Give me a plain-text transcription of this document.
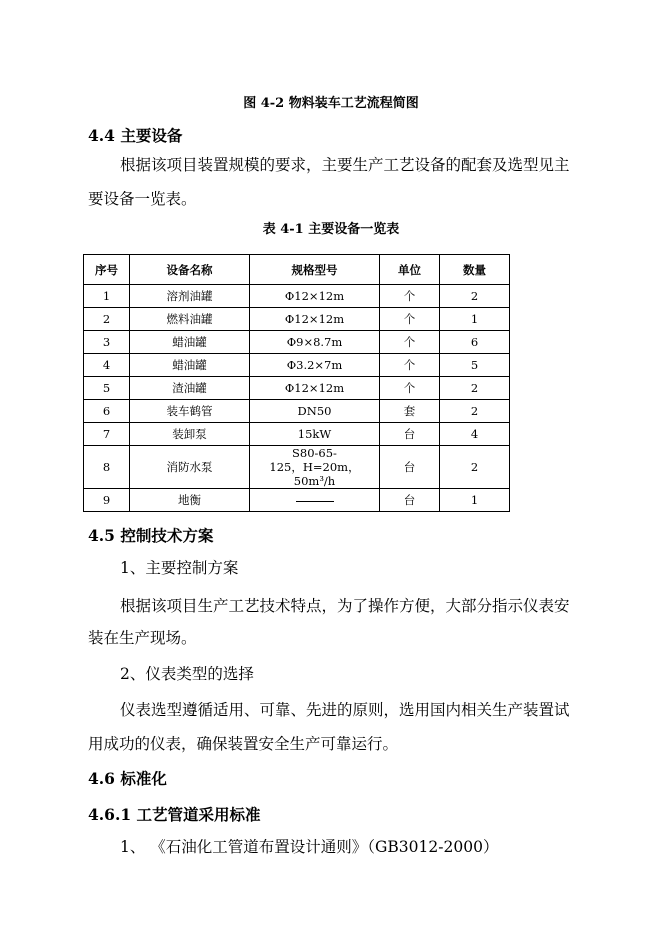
图 4-2 物料装车工艺流程简图
4.4 主要设备
根据该项目装置规模的要求，主要生产工艺设备的配套及选型见主
要设备一览表。
表 4-1 主要设备一览表
序号	设备名称	规格型号	单位	数量
1	溶剂油罐	Φ12×12m	个	2
2	燃料油罐	Φ12×12m	个	1
3	蜡油罐	Φ9×8.7m	个	6
4	蜡油罐	Φ3.2×7m	个	5
5	渣油罐	Φ12×12m	个	2
6	装车鹤管	DN50	套	2
7	装卸泵	15kW	台	4
8	消防水泵	S80-65-
125，H=20m，50m³/h	台	2
9	地衡		台	1
4.5 控制技术方案
1、主要控制方案
根据该项目生产工艺技术特点，为了操作方便，大部分指示仪表安
装在生产现场。
2、仪表类型的选择
仪表选型遵循适用、可靠、先进的原则，选用国内相关生产装置试
用成功的仪表，确保装置安全生产可靠运行。
4.6 标准化
4.6.1 工艺管道采用标准
1、 《石油化工管道布置设计通则》（GB3012-2000）
